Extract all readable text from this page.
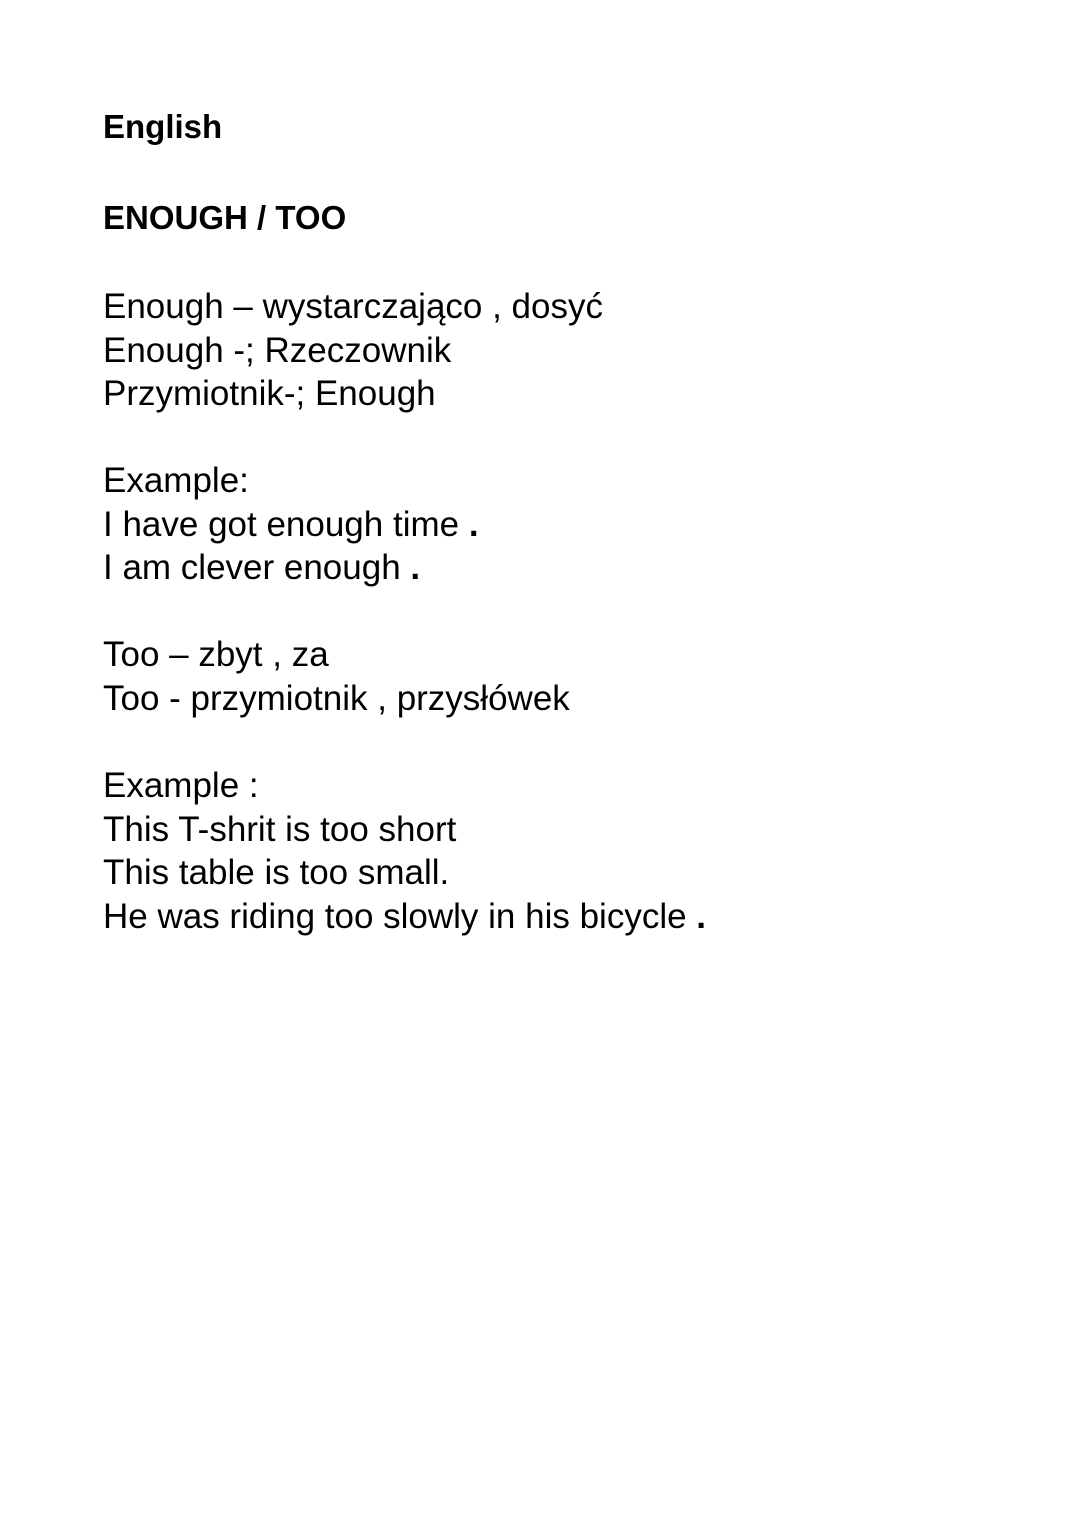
English
ENOUGH / TOO
Enough – wystarczająco , dosyć
Enough -; Rzeczownik
Przymiotnik-; Enough
Example:
I have got enough time .
I am clever enough .
Too – zbyt , za
Too - przymiotnik , przysłówek
Example :
This T-shrit is too short
This table is too small.
He was riding too slowly in his bicycle .
